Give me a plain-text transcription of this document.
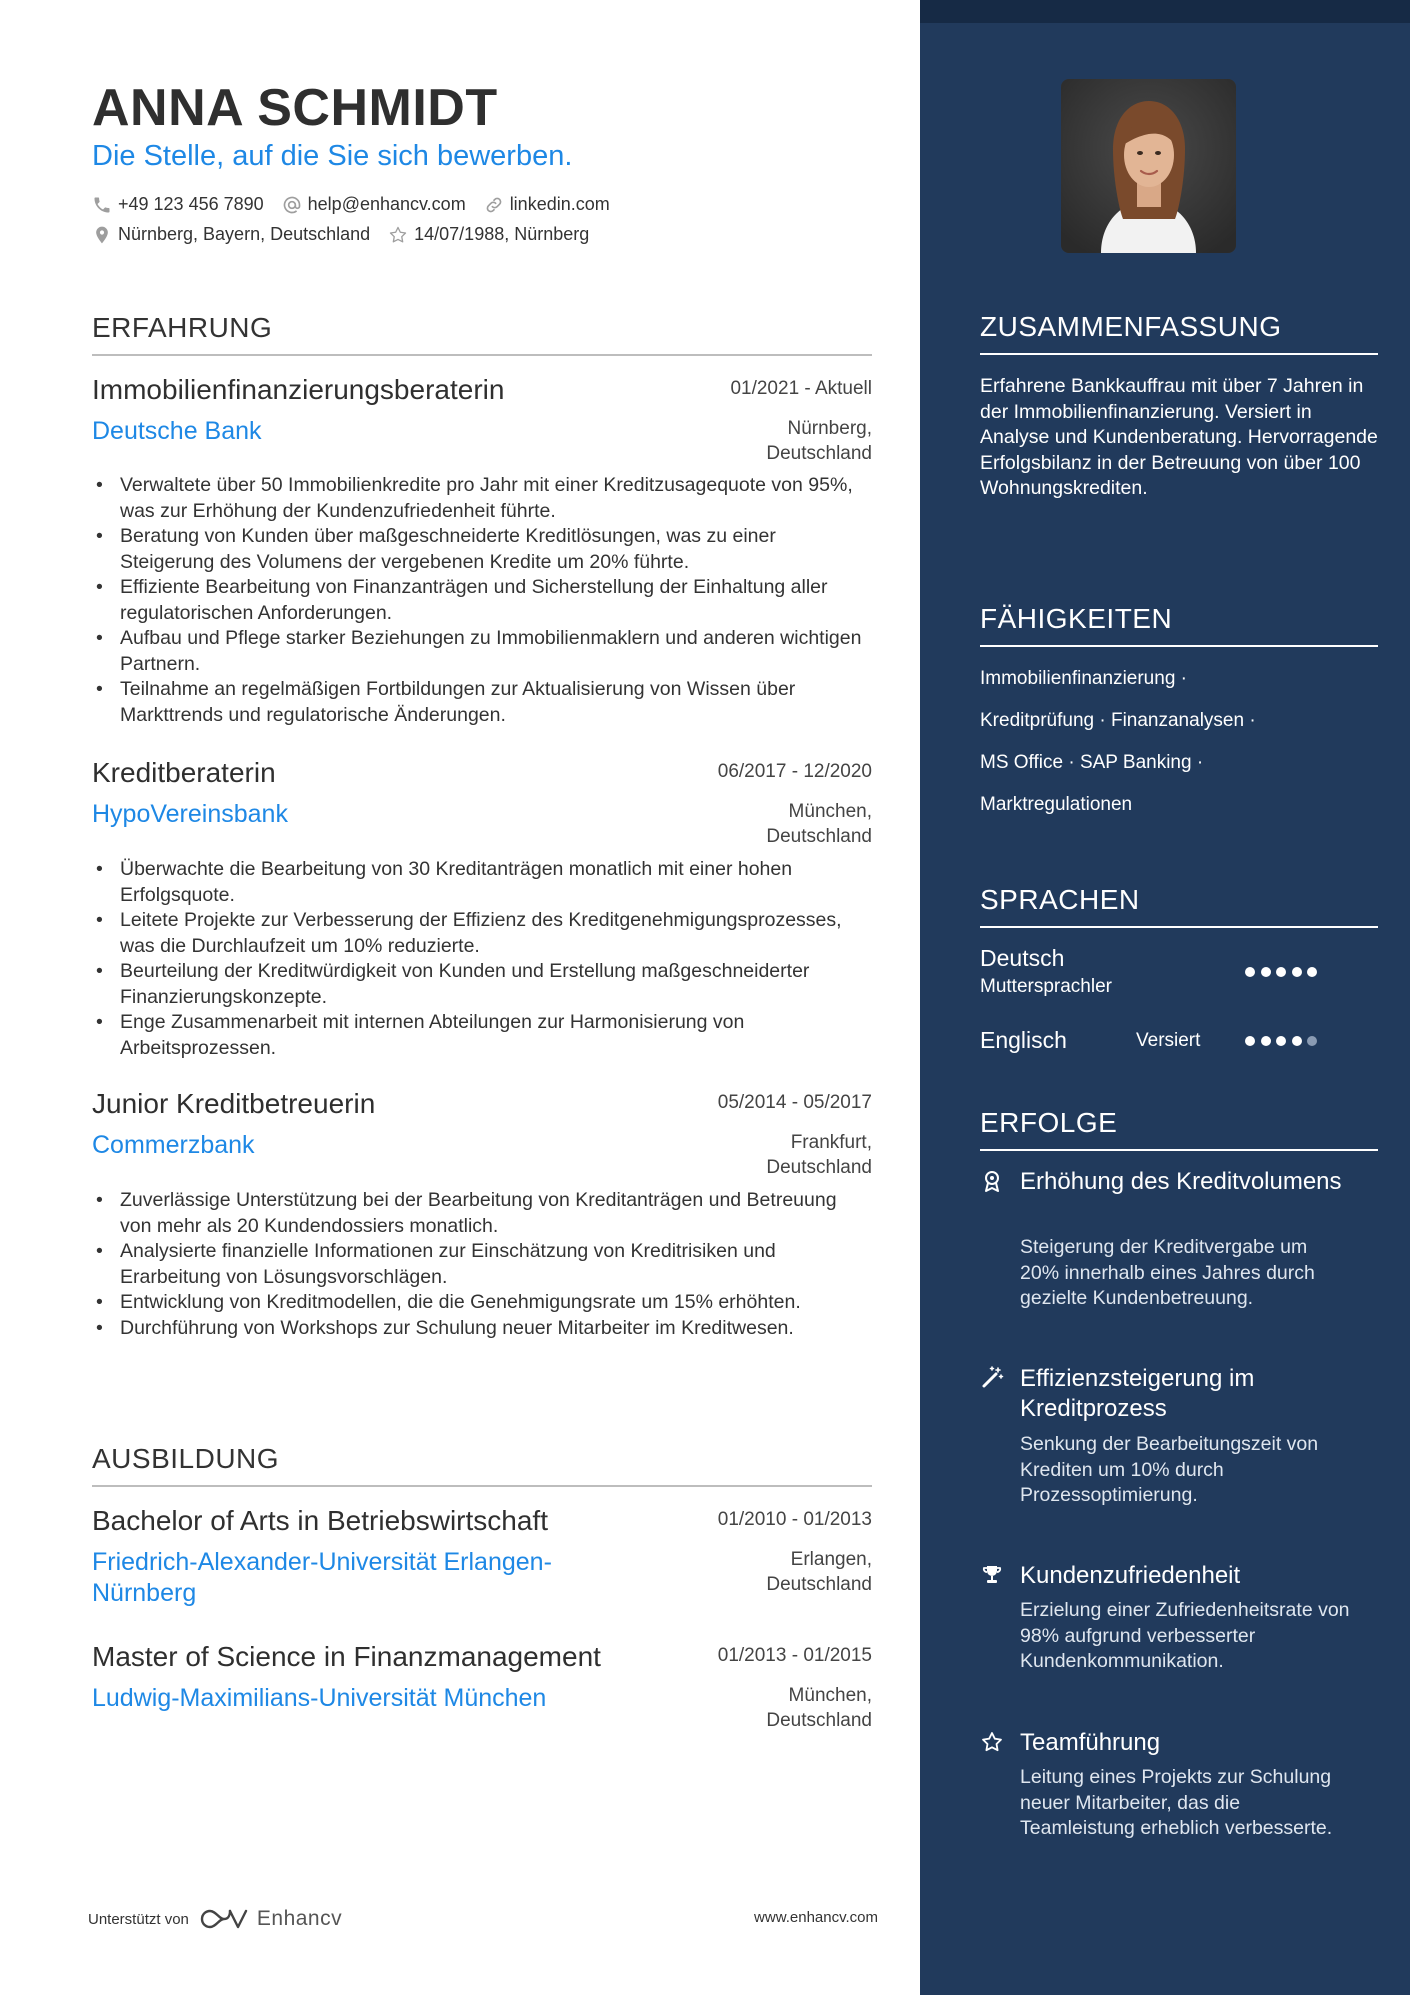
ANNA SCHMIDT
Die Stelle, auf die Sie sich bewerben.
+49 123 456 7890 help@enhancv.com linkedin.com
Nürnberg, Bayern, Deutschland 14/07/1988, Nürnberg
ERFAHRUNG
Immobilienfinanzierungsberaterin	01/2021 - Aktuell
Deutsche Bank	Nürnberg,
Deutschland
• Verwaltete über 50 Immobilienkredite pro Jahr mit einer Kreditzusagequote von 95%, was zur Erhöhung der Kundenzufriedenheit führte.
• Beratung von Kunden über maßgeschneiderte Kreditlösungen, was zu einer Steigerung des Volumens der vergebenen Kredite um 20% führte.
• Effiziente Bearbeitung von Finanzanträgen und Sicherstellung der Einhaltung aller regulatorischen Anforderungen.
• Aufbau und Pflege starker Beziehungen zu Immobilienmaklern und anderen wichtigen Partnern.
• Teilnahme an regelmäßigen Fortbildungen zur Aktualisierung von Wissen über Markttrends und regulatorische Änderungen.
Kreditberaterin	06/2017 - 12/2020
HypoVereinsbank	München,
Deutschland
• Überwachte die Bearbeitung von 30 Kreditanträgen monatlich mit einer hohen Erfolgsquote.
• Leitete Projekte zur Verbesserung der Effizienz des Kreditgenehmigungsprozesses, was die Durchlaufzeit um 10% reduzierte.
• Beurteilung der Kreditwürdigkeit von Kunden und Erstellung maßgeschneiderter Finanzierungskonzepte.
• Enge Zusammenarbeit mit internen Abteilungen zur Harmonisierung von Arbeitsprozessen.
Junior Kreditbetreuerin	05/2014 - 05/2017
Commerzbank	Frankfurt,
Deutschland
• Zuverlässige Unterstützung bei der Bearbeitung von Kreditanträgen und Betreuung von mehr als 20 Kundendossiers monatlich.
• Analysierte finanzielle Informationen zur Einschätzung von Kreditrisiken und Erarbeitung von Lösungsvorschlägen.
• Entwicklung von Kreditmodellen, die die Genehmigungsrate um 15% erhöhten.
• Durchführung von Workshops zur Schulung neuer Mitarbeiter im Kreditwesen.
AUSBILDUNG
Bachelor of Arts in Betriebswirtschaft	01/2010 - 01/2013
Friedrich-Alexander-Universität Erlangen-Nürnberg
Erlangen,
Deutschland
Master of Science in Finanzmanagement	01/2013 - 01/2015
Ludwig-Maximilians-Universität München	München,
Deutschland
Unterstützt von	Enhancv	www.enhancv.com
ZUSAMMENFASSUNG
Erfahrene Bankkauffrau mit über 7 Jahren in der Immobilienfinanzierung. Versiert in Analyse und Kundenberatung. Hervorragende Erfolgsbilanz in der Betreuung von über 100 Wohnungskrediten.
FÄHIGKEITEN
Immobilienfinanzierung ·
Kreditprüfung · Finanzanalysen ·
MS Office · SAP Banking ·
Marktregulationen
SPRACHEN
Deutsch
Muttersprachler
Englisch	Versiert
ERFOLGE
Erhöhung des Kreditvolumens
Steigerung der Kreditvergabe um 20% innerhalb eines Jahres durch gezielte Kundenbetreuung.
Effizienzsteigerung im Kreditprozess
Senkung der Bearbeitungszeit von Krediten um 10% durch Prozessoptimierung.
Kundenzufriedenheit
Erzielung einer Zufriedenheitsrate von 98% aufgrund verbesserter Kundenkommunikation.
Teamführung
Leitung eines Projekts zur Schulung neuer Mitarbeiter, das die Teamleistung erheblich verbesserte.
